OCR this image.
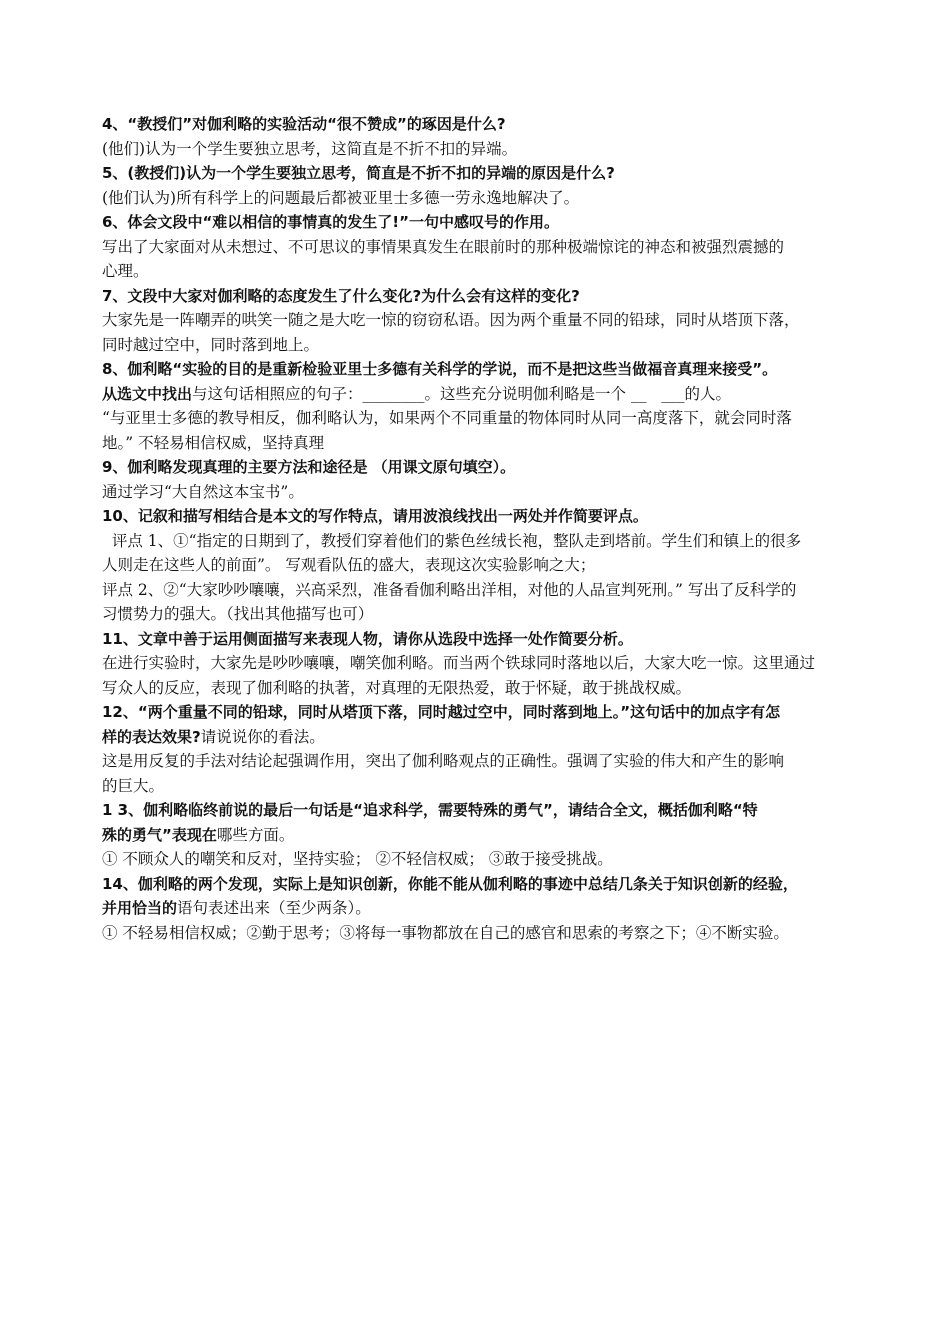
4、“教授们”对伽利略的实验活动“很不赞成”的琢因是什么?
(他们)认为一个学生要独立思考，这简直是不折不扣的异端。
5、(教授们)认为一个学生要独立思考，简直是不折不扣的异端的原因是什么?
(他们认为)所有科学上的问题最后都被亚里士多德一劳永逸地解决了。
6、体会文段中“难以相信的事情真的发生了!”一句中感叹号的作用。
写出了大家面对从未想过、不可思议的事情果真发生在眼前时的那种极端惊诧的神态和被强烈震撼的
心理。
7、文段中大家对伽利略的态度发生了什么变化?为什么会有这样的变化?
大家先是一阵嘲弄的哄笑一随之是大吃一惊的窃窃私语。因为两个重量不同的铅球，同时从塔顶下落，
同时越过空中，同时落到地上。
8、伽利略“实验的目的是重新检验亚里士多德有关科学的学说，而不是把这些当做福音真理来接受”。
从选文中找出与这句话相照应的句子：________。这些充分说明伽利略是一个 __   ___的人。
“与亚里士多德的教导相反，伽利略认为，如果两个不同重量的物体同时从同一高度落下，就会同时落
地。” 不轻易相信权威，坚持真理
9、伽利略发现真理的主要方法和途径是 （用课文原句填空）。
通过学习“大自然这本宝书”。
10、记叙和描写相结合是本文的写作特点，请用波浪线找出一两处并作简要评点。
评点 1、①“指定的日期到了，教授们穿着他们的紫色丝绒长袍，整队走到塔前。学生们和镇上的很多
人则走在这些人的前面”。 写观看队伍的盛大，表现这次实验影响之大；
评点 2、②“大家吵吵嚷嚷，兴高采烈，准备看伽利略出洋相，对他的人品宣判死刑。” 写出了反科学的
习惯势力的强大。（找出其他描写也可）
11、文章中善于运用侧面描写来表现人物，请你从选段中选择一处作简要分析。
在进行实验时，大家先是吵吵嚷嚷，嘲笑伽利略。而当两个铁球同时落地以后，大家大吃一惊。这里通过
写众人的反应，表现了伽利略的执著，对真理的无限热爱，敢于怀疑，敢于挑战权威。
12、“两个重量不同的铅球，同时从塔顶下落，同时越过空中，同时落到地上。”这句话中的加点字有怎
样的表达效果?请说说你的看法。
这是用反复的手法对结论起强调作用，突出了伽利略观点的正确性。强调了实验的伟大和产生的影响
的巨大。
1 3、伽利略临终前说的最后一句话是“追求科学，需要特殊的勇气”，请结合全文，概括伽利略“特
殊的勇气”表现在哪些方面。
① 不顾众人的嘲笑和反对，坚持实验； ②不轻信权威； ③敢于接受挑战。
14、伽利略的两个发现，实际上是知识创新，你能不能从伽利略的事迹中总结几条关于知识创新的经验，
并用恰当的语句表述出来（至少两条）。
① 不轻易相信权威；②勤于思考；③将每一事物都放在自己的感官和思索的考察之下；④不断实验。
